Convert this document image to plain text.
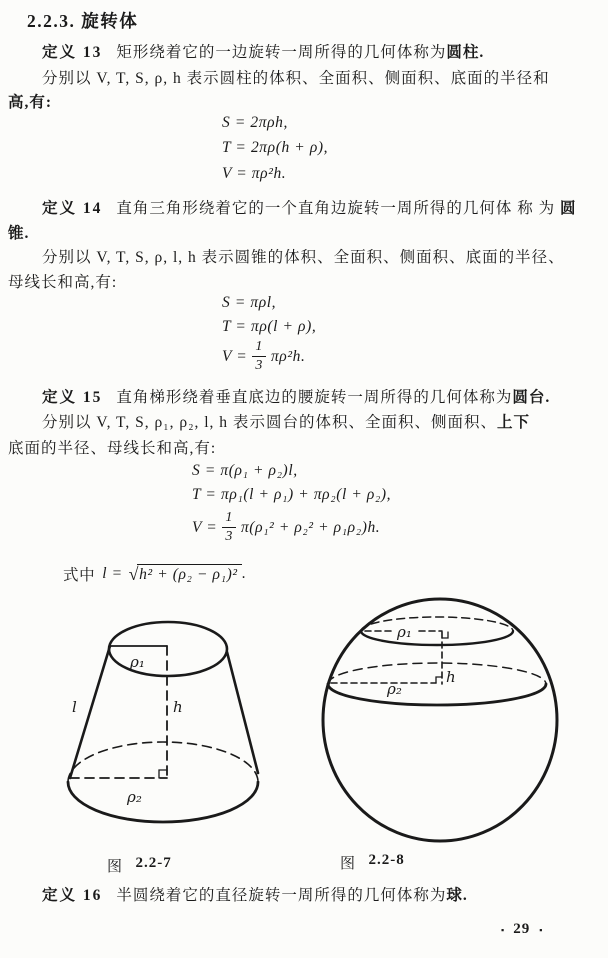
2.2.3. 旋转体
定义 13 矩形绕着它的一边旋转一周所得的几何体称为圆柱.
分别以 V, T, S, ρ, h 表示圆柱的体积、全面积、侧面积、底面的半径和
高,有:
S = 2πρh,
T = 2πρ(h + ρ),
V = πρ²h.
定义 14 直角三角形绕着它的一个直角边旋转一周所得的几何体 称 为 圆
锥.
分别以 V, T, S, ρ, l, h 表示圆锥的体积、全面积、侧面积、底面的半径、
母线长和高,有:
S = πρl,
T = πρ(l + ρ),
$V = \frac{1}{3} \pi\rho^2h$.
定义 15 直角梯形绕着垂直底边的腰旋转一周所得的几何体称为圆台.
分别以 V, T, S, ρ₁, ρ₂, l, h 表示圆台的体积、全面积、侧面积、上下
底面的半径、母线长和高,有:
S = π(ρ₁ + ρ₂)l,
T = πρ₁(l + ρ₁) + πρ₂(l + ρ₂),
$V = \frac{1}{3} \pi(\rho_1^2 + \rho_2^2 + \rho_1\rho_2)h$.
式中 l = √ h² + (ρ₂ − ρ₁)² .
ρ₁
l	h
ρ₂
ρ₁
ρ₂
h
图 2.2-7	图 2.2-8
定义 16 半圆绕着它的直径旋转一周所得的几何体称为球.
▪ 29 ▪
